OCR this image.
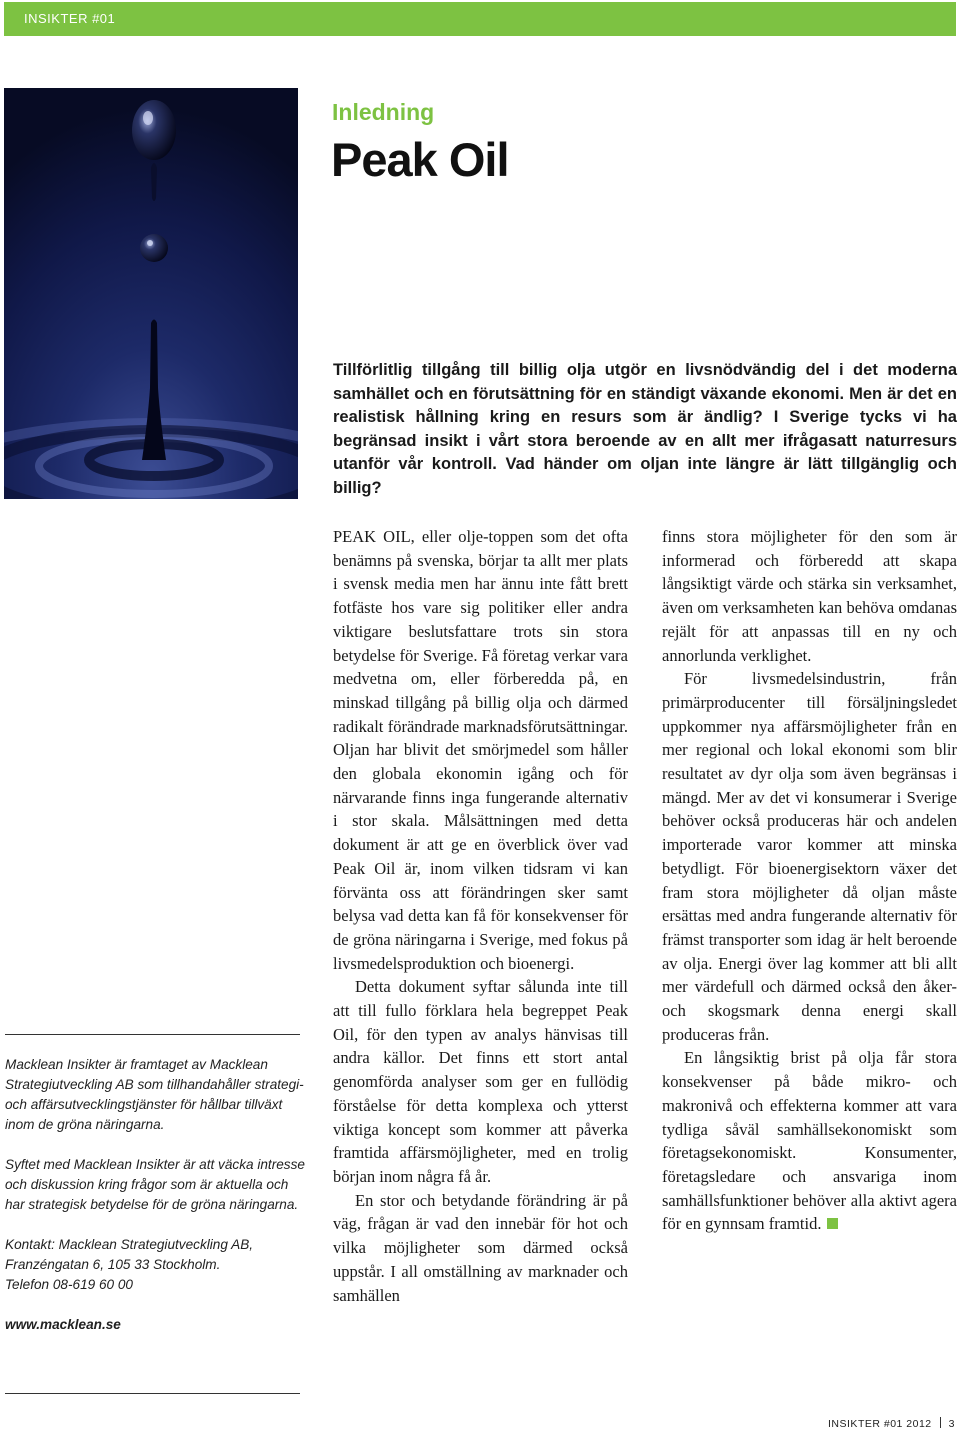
INSIKTER #01
Inledning
Peak Oil

Tillförlitlig tillgång till billig olja utgör en livsnödvändig del i det moderna samhället och en förutsättning för en ständigt växande ekonomi. Men är det en realistisk hållning kring en resurs som är ändlig? I Sverige tycks vi ha begränsad insikt i vårt stora beroende av en allt mer ifrågasatt naturresurs utanför vår kontroll. Vad händer om oljan inte längre är lätt tillgänglig och billig?

PEAK OIL, eller olje-toppen som det ofta benämns på svenska, börjar ta allt mer plats i svensk media men har ännu inte fått brett fotfäste hos vare sig politiker eller andra viktigare beslutsfattare trots sin stora betydelse för Sverige. Få företag verkar vara medvetna om, eller förberedda på, en minskad tillgång på billig olja och därmed radikalt förändrade marknadsförutsättningar. Oljan har blivit det smörjmedel som håller den globala ekonomin igång och för närvarande finns inga fungerande alternativ i stor skala. Målsättningen med detta dokument är att ge en överblick över vad Peak Oil är, inom vilken tidsram vi kan förvänta oss att förändringen sker samt belysa vad detta kan få för konsekvenser för de gröna näringarna i Sverige, med fokus på livsmedelsproduktion och bioenergi.

Detta dokument syftar sålunda inte till att till fullo förklara hela begreppet Peak Oil, för den typen av analys hänvisas till andra källor. Det finns ett stort antal genomförda analyser som ger en fullödig förståelse för detta komplexa och ytterst viktiga koncept som kommer att påverka framtida affärsmöjligheter, med en trolig början inom några få år.

En stor och betydande förändring är på väg, frågan är vad den innebär för hot och vilka möjligheter som därmed också uppstår. I all omställning av marknader och samhällen

finns stora möjligheter för den som är informerad och förberedd att skapa långsiktigt värde och stärka sin verksamhet, även om verksamheten kan behöva omdanas rejält för att anpassas till en ny och annorlunda verklighet.

För livsmedelsindustrin, från primärproducenter till försäljningsledet uppkommer nya affärsmöjligheter från en mer regional och lokal ekonomi som blir resultatet av dyr olja som även begränsas i mängd. Mer av det vi konsumerar i Sverige behöver också produceras här och andelen importerade varor kommer att minska betydligt. För bioenergisektorn växer det fram stora möjligheter då oljan måste ersättas med andra fungerande alternativ för främst transporter som idag är helt beroende av olja. Energi över lag kommer att bli allt mer värdefull och därmed också den åker- och skogsmark denna energi skall produceras från.

En långsiktig brist på olja får stora konsekvenser på både mikro- och makronivå och effekterna kommer att vara tydliga såväl samhällsekonomiskt som företagsekonomiskt. Konsumenter, företagsledare och ansvariga inom samhällsfunktioner behöver alla aktivt agera för en gynnsam framtid.

Macklean Insikter är framtaget av Macklean Strategiutveckling AB som tillhandahåller strategi- och affärsutvecklingstjänster för hållbar tillväxt inom de gröna näringarna.

Syftet med Macklean Insikter är att väcka intresse och diskussion kring frågor som är aktuella och har strategisk betydelse för de gröna näringarna.

Kontakt: Macklean Strategiutveckling AB,
Franzéngatan 6, 105 33 Stockholm.
Telefon 08-619 60 00

www.macklean.se

INSIKTER #01 2012 3
